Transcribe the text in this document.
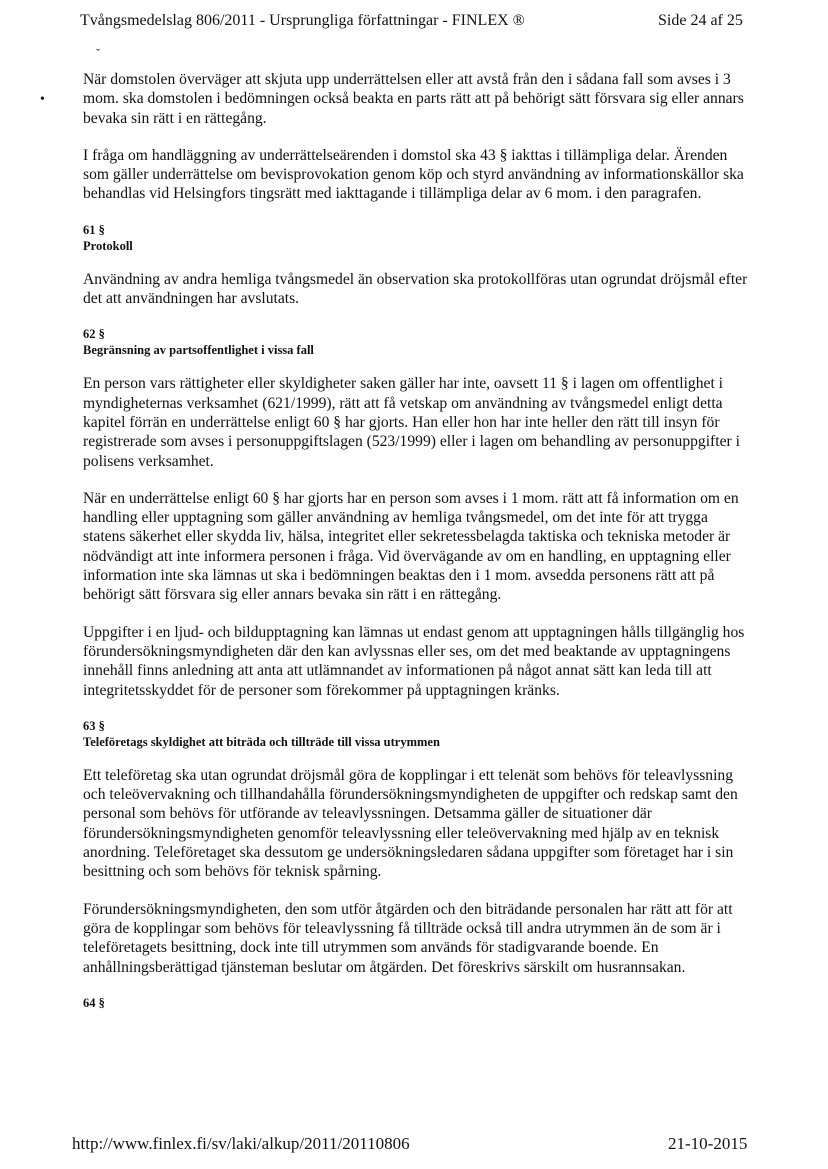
Tvångsmedelslag 806/2011 - Ursprungliga författningar - FINLEX ®	Side 24 af 25
ˇ
•

När domstolen överväger att skjuta upp underrättelsen eller att avstå från den i sådana fall som avses i 3 mom. ska domstolen i bedömningen också beakta en parts rätt att på behörigt sätt försvara sig eller annars bevaka sin rätt i en rättegång.

I fråga om handläggning av underrättelseärenden i domstol ska 43 § iakttas i tillämpliga delar. Ärenden som gäller underrättelse om bevisprovokation genom köp och styrd användning av informationskällor ska behandlas vid Helsingfors tingsrätt med iakttagande i tillämpliga delar av 6 mom. i den paragrafen.

61 §
Protokoll

Användning av andra hemliga tvångsmedel än observation ska protokollföras utan ogrundat dröjsmål efter det att användningen har avslutats.

62 §
Begränsning av partsoffentlighet i vissa fall

En person vars rättigheter eller skyldigheter saken gäller har inte, oavsett 11 § i lagen om offentlighet i myndigheternas verksamhet (621/1999), rätt att få vetskap om användning av tvångsmedel enligt detta kapitel förrän en underrättelse enligt 60 § har gjorts. Han eller hon har inte heller den rätt till insyn för registrerade som avses i personuppgiftslagen (523/1999) eller i lagen om behandling av personuppgifter i polisens verksamhet.

När en underrättelse enligt 60 § har gjorts har en person som avses i 1 mom. rätt att få information om en handling eller upptagning som gäller användning av hemliga tvångsmedel, om det inte för att trygga statens säkerhet eller skydda liv, hälsa, integritet eller sekretessbelagda taktiska och tekniska metoder är nödvändigt att inte informera personen i fråga. Vid övervägande av om en handling, en upptagning eller information inte ska lämnas ut ska i bedömningen beaktas den i 1 mom. avsedda personens rätt att på behörigt sätt försvara sig eller annars bevaka sin rätt i en rättegång.

Uppgifter i en ljud- och bildupptagning kan lämnas ut endast genom att upptagningen hålls tillgänglig hos förundersökningsmyndigheten där den kan avlyssnas eller ses, om det med beaktande av upptagningens innehåll finns anledning att anta att utlämnandet av informationen på något annat sätt kan leda till att integritetsskyddet för de personer som förekommer på upptagningen kränks.

63 §
Teleföretags skyldighet att biträda och tillträde till vissa utrymmen

Ett teleföretag ska utan ogrundat dröjsmål göra de kopplingar i ett telenät som behövs för teleavlyssning och teleövervakning och tillhandahålla förundersökningsmyndigheten de uppgifter och redskap samt den personal som behövs för utförande av teleavlyssningen. Detsamma gäller de situationer där förundersökningsmyndigheten genomför teleavlyssning eller teleövervakning med hjälp av en teknisk anordning. Teleföretaget ska dessutom ge undersökningsledaren sådana uppgifter som företaget har i sin besittning och som behövs för teknisk spårning.

Förundersökningsmyndigheten, den som utför åtgärden och den biträdande personalen har rätt att för att göra de kopplingar som behövs för teleavlyssning få tillträde också till andra utrymmen än de som är i teleföretagets besittning, dock inte till utrymmen som används för stadigvarande boende. En anhållningsberättigad tjänsteman beslutar om åtgärden. Det föreskrivs särskilt om husrannsakan.

64 §
http://www.finlex.fi/sv/laki/alkup/2011/20110806	21-10-2015
